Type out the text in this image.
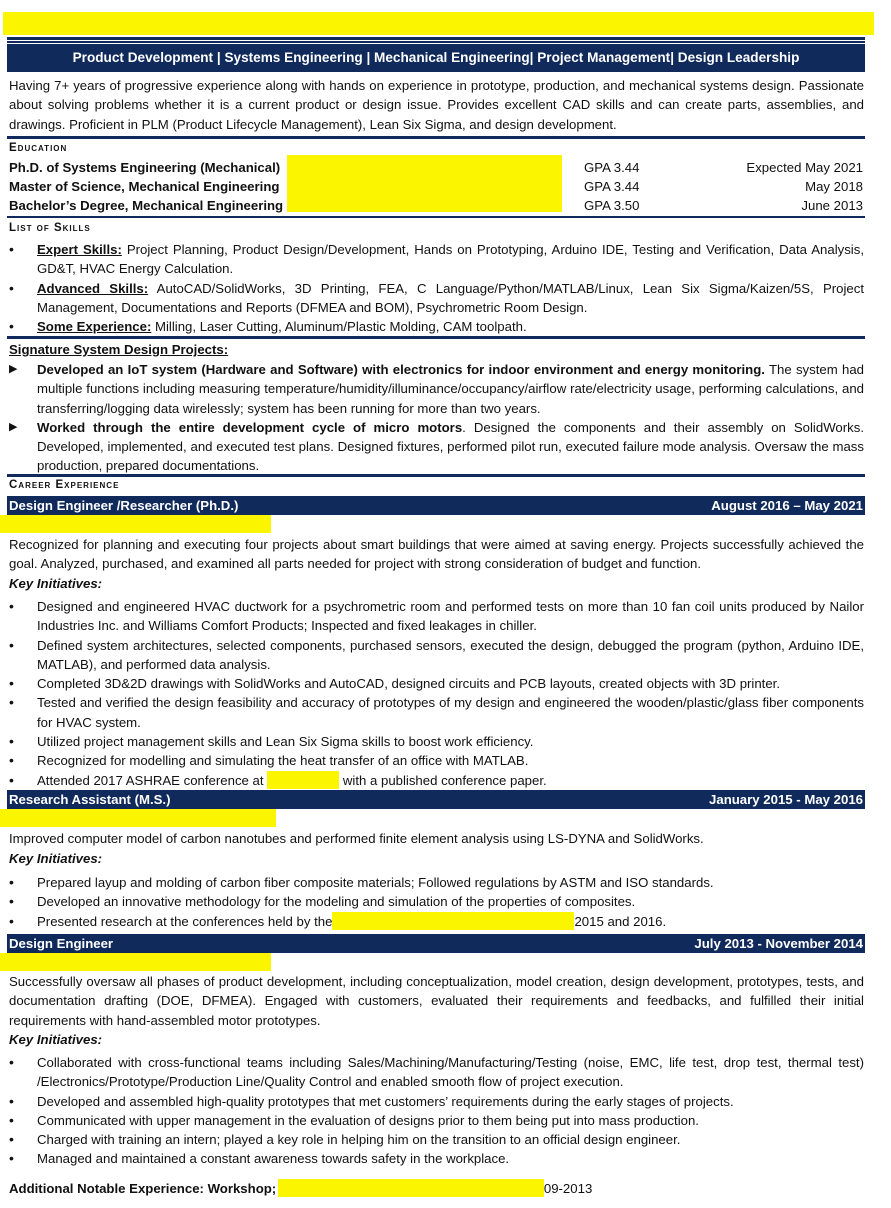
Product Development | Systems Engineering | Mechanical Engineering| Project Management| Design Leadership

Having 7+ years of progressive experience along with hands on experience in prototype, production, and mechanical systems design. Passionate about solving problems whether it is a current product or design issue. Provides excellent CAD skills and can create parts, assemblies, and drawings. Proficient in PLM (Product Lifecycle Management), Lean Six Sigma, and design development.

Education
Ph.D. of Systems Engineering (Mechanical)	GPA 3.44	Expected May 2021
Master of Science, Mechanical Engineering	GPA 3.44	May 2018
Bachelor’s Degree, Mechanical Engineering	GPA 3.50	June 2013
List of Skills
• Expert Skills: Project Planning, Product Design/Development, Hands on Prototyping, Arduino IDE, Testing and Verification, Data Analysis, GD&T, HVAC Energy Calculation.
• Advanced Skills: AutoCAD/SolidWorks, 3D Printing, FEA, C Language/Python/MATLAB/Linux, Lean Six Sigma/Kaizen/5S, Project Management, Documentations and Reports (DFMEA and BOM), Psychrometric Room Design.
• Some Experience: Milling, Laser Cutting, Aluminum/Plastic Molding, CAM toolpath.
Signature System Design Projects:
▶ Developed an IoT system (Hardware and Software) with electronics for indoor environment and energy monitoring. The system had multiple functions including measuring temperature/humidity/illuminance/occupancy/airflow rate/electricity usage, performing calculations, and transferring/logging data wirelessly; system has been running for more than two years.
▶ Worked through the entire development cycle of micro motors. Designed the components and their assembly on SolidWorks. Developed, implemented, and executed test plans. Designed fixtures, performed pilot run, executed failure mode analysis. Oversaw the mass production, prepared documentations.
Career Experience
Design Engineer /Researcher (Ph.D.)	August 2016 – May 2021

Recognized for planning and executing four projects about smart buildings that were aimed at saving energy. Projects successfully achieved the goal. Analyzed, purchased, and examined all parts needed for project with strong consideration of budget and function.

Key Initiatives:
• Designed and engineered HVAC ductwork for a psychrometric room and performed tests on more than 10 fan coil units produced by Nailor Industries Inc. and Williams Comfort Products; Inspected and fixed leakages in chiller.
• Defined system architectures, selected components, purchased sensors, executed the design, debugged the program (python, Arduino IDE, MATLAB), and performed data analysis.
• Completed 3D&2D drawings with SolidWorks and AutoCAD, designed circuits and PCB layouts, created objects with 3D printer.
• Tested and verified the design feasibility and accuracy of prototypes of my design and engineered the wooden/plastic/glass fiber components for HVAC system.
• Utilized project management skills and Lean Six Sigma skills to boost work efficiency.
• Recognized for modelling and simulating the heat transfer of an office with MATLAB.
• Attended 2017 ASHRAE conference at	with a published conference paper.
Research Assistant (M.S.)	January 2015 - May 2016

Improved computer model of carbon nanotubes and performed finite element analysis using LS-DYNA and SolidWorks.

Key Initiatives:
• Prepared layup and molding of carbon fiber composite materials; Followed regulations by ASTM and ISO standards.
• Developed an innovative methodology for the modeling and simulation of the properties of composites.
• Presented research at the conferences held by the	2015 and 2016.
Design Engineer	July 2013 - November 2014

Successfully oversaw all phases of product development, including conceptualization, model creation, design development, prototypes, tests, and documentation drafting (DOE, DFMEA). Engaged with customers, evaluated their requirements and feedbacks, and fulfilled their initial requirements with hand-assembled motor prototypes.

Key Initiatives:
• Collaborated with cross-functional teams including Sales/Machining/Manufacturing/Testing (noise, EMC, life test, drop test, thermal test) /Electronics/Prototype/Production Line/Quality Control and enabled smooth flow of project execution.
• Developed and assembled high-quality prototypes that met customers’ requirements during the early stages of projects.
• Communicated with upper management in the evaluation of designs prior to them being put into mass production.
• Charged with training an intern; played a key role in helping him on the transition to an official design engineer.
• Managed and maintained a constant awareness towards safety in the workplace.
Additional Notable Experience: Workshop;	09-2013
